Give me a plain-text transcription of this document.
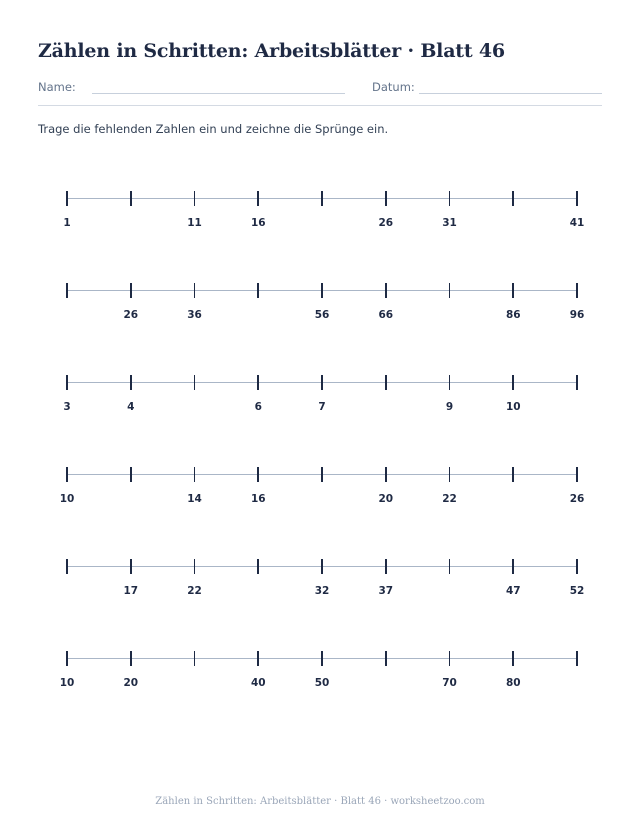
Zählen in Schritten: Arbeitsblätter · Blatt 46
Name:	Datum:
Trage die fehlenden Zahlen ein und zeichne die Sprünge ein.
1	11	16	26	31	41
26	36	56	66	86	96
3	4	6	7	9	10
10	14	16	20	22	26
17	22	32	37	47	52
10	20	40	50	70	80
Zählen in Schritten: Arbeitsblätter · Blatt 46 · worksheetzoo.com
